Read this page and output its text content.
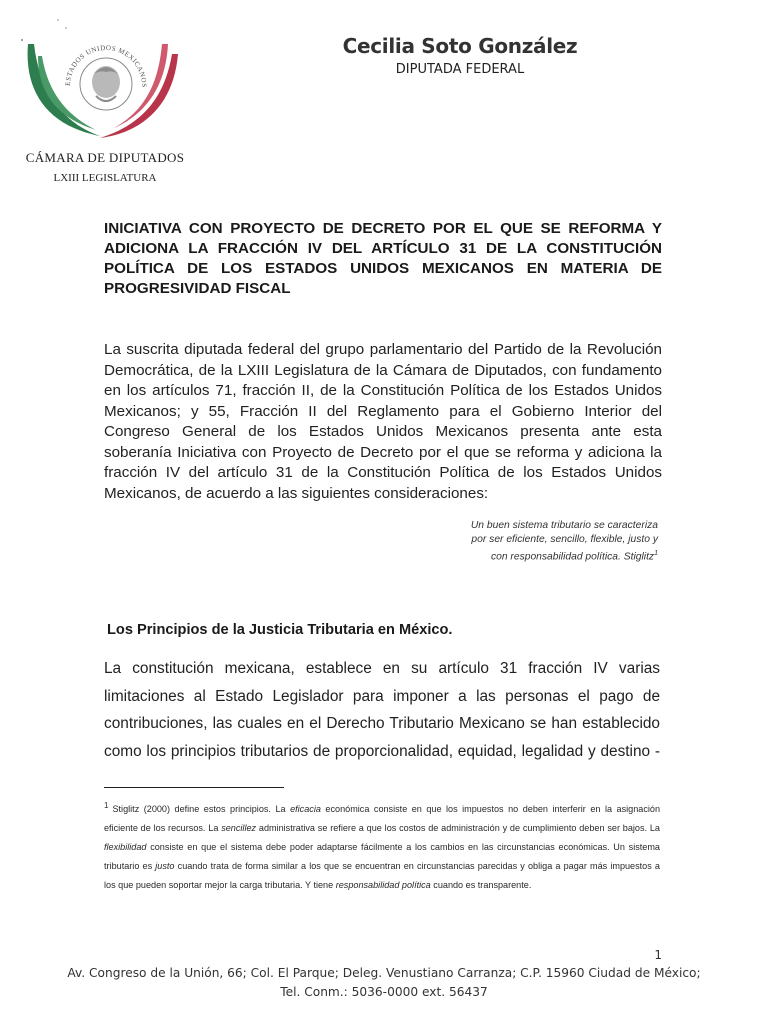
ESTADOS UNIDOS MEXICANOS
CÁMARA DE DIPUTADOS
LXIII LEGISLATURA
Cecilia Soto González
DIPUTADA FEDERAL
INICIATIVA CON PROYECTO DE DECRETO POR EL QUE SE REFORMA Y ADICIONA LA FRACCIÓN IV DEL ARTÍCULO 31 DE LA CONSTITUCIÓN POLÍTICA DE LOS ESTADOS UNIDOS MEXICANOS EN MATERIA DE PROGRESIVIDAD FISCAL
La suscrita diputada federal del grupo parlamentario del Partido de la Revolución Democrática, de la LXIII Legislatura de la Cámara de Diputados, con fundamento en los artículos 71, fracción II, de la Constitución Política de los Estados Unidos Mexicanos; y 55, Fracción II del Reglamento para el Gobierno Interior del Congreso General de los Estados Unidos Mexicanos presenta ante esta soberanía Iniciativa con Proyecto de Decreto por el que se reforma y adiciona la fracción IV del artículo 31 de la Constitución Política de los Estados Unidos Mexicanos, de acuerdo a las siguientes consideraciones:
Un buen sistema tributario se caracteriza
por ser eficiente, sencillo, flexible, justo y
con responsabilidad política. Stiglitz$^1$
Los Principios de la Justicia Tributaria en México.
La constitución mexicana, establece en su artículo 31 fracción IV varias limitaciones al Estado Legislador para imponer a las personas el pago de contribuciones, las cuales en el Derecho Tributario Mexicano se han establecido como los principios tributarios de proporcionalidad, equidad, legalidad y destino -
1 Stiglitz (2000) define estos principios. La eficacia económica consiste en que los impuestos no deben interferir en la asignación eficiente de los recursos. La sencillez administrativa se refiere a que los costos de administración y de cumplimiento deben ser bajos. La flexibilidad consiste en que el sistema debe poder adaptarse fácilmente a los cambios en las circunstancias económicas. Un sistema tributario es justo cuando trata de forma similar a los que se encuentran en circunstancias parecidas y obliga a pagar más impuestos a los que pueden soportar mejor la carga tributaria. Y tiene responsabilidad política cuando es transparente.
1
Av. Congreso de la Unión, 66; Col. El Parque; Deleg. Venustiano Carranza; C.P. 15960 Ciudad de México;
Tel. Conm.: 5036-0000 ext. 56437
